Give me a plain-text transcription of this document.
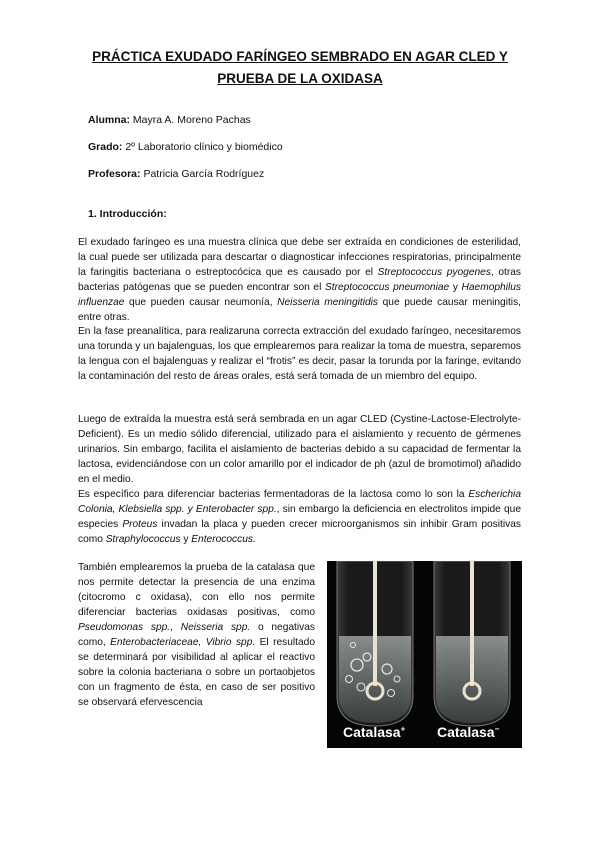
PRÁCTICA EXUDADO FARÍNGEO SEMBRADO EN AGAR CLED Y
PRUEBA DE LA OXIDASA
Alumna: Mayra A. Moreno Pachas
Grado: 2º Laboratorio clínico y biomédico
Profesora: Patricia García Rodríguez
1. Introducción:
El exudado faríngeo es una muestra clínica que debe ser extraída en condiciones de esterilidad, la cual puede ser utilizada para descartar o diagnosticar infecciones respiratorias, principalmente la faringitis bacteriana o estreptocócica que es causado por el Streptococcus pyogenes, otras bacterias patógenas que se pueden encontrar son el Streptococcus pneumoniae y Haemophilus influenzae que pueden causar neumonía, Neisseria meningitidis que puede causar meningitis, entre otras.
En la fase preanalítica, para realizaruna correcta extracción del exudado faríngeo, necesitaremos una torunda y un bajalenguas, los que emplearemos para realizar la toma de muestra, separemos la lengua con el bajalenguas y realizar el “frotis” es decir, pasar la torunda por la faringe, evitando la contaminación del resto de áreas orales, está será tomada de un miembro del equipo.
Luego de extraída la muestra está será sembrada en un agar CLED (Cystine-Lactose-Electrolyte-Deficient). Es un medio sólido diferencial, utilizado para el aislamiento y recuento de gérmenes urinarios. Sin embargo, facilita el aislamiento de bacterias debido a su capacidad de fermentar la lactosa, evidenciándose con un color amarillo por el indicador de ph (azul de bromotimol) añadido en el medio.
Es específico para diferenciar bacterias fermentadoras de la lactosa como lo son la Escherichia Colonia, Klebsiella spp. y Enterobacter spp., sin embargo la deficiencia en electrolitos impide que especies Proteus invadan la placa y pueden crecer microorganismos sin inhibir Gram positivas como Straphylococcus y Enterococcus.
También emplearemos la prueba de la catalasa que nos permite detectar la presencia de una enzima (citocromo c oxidasa), con ello nos permite diferenciar bacterias oxidasas positivas, como Pseudomonas spp., Neisseria spp. o negativas como, Enterobacteriaceae, Vibrio spp. El resultado se determinará por visibilidad al aplicar el reactivo sobre la colonia bacteriana o sobre un portaobjetos con un fragmento de ésta, en caso de ser positivo se observará efervescencia
Catalasa+ Catalasa−
